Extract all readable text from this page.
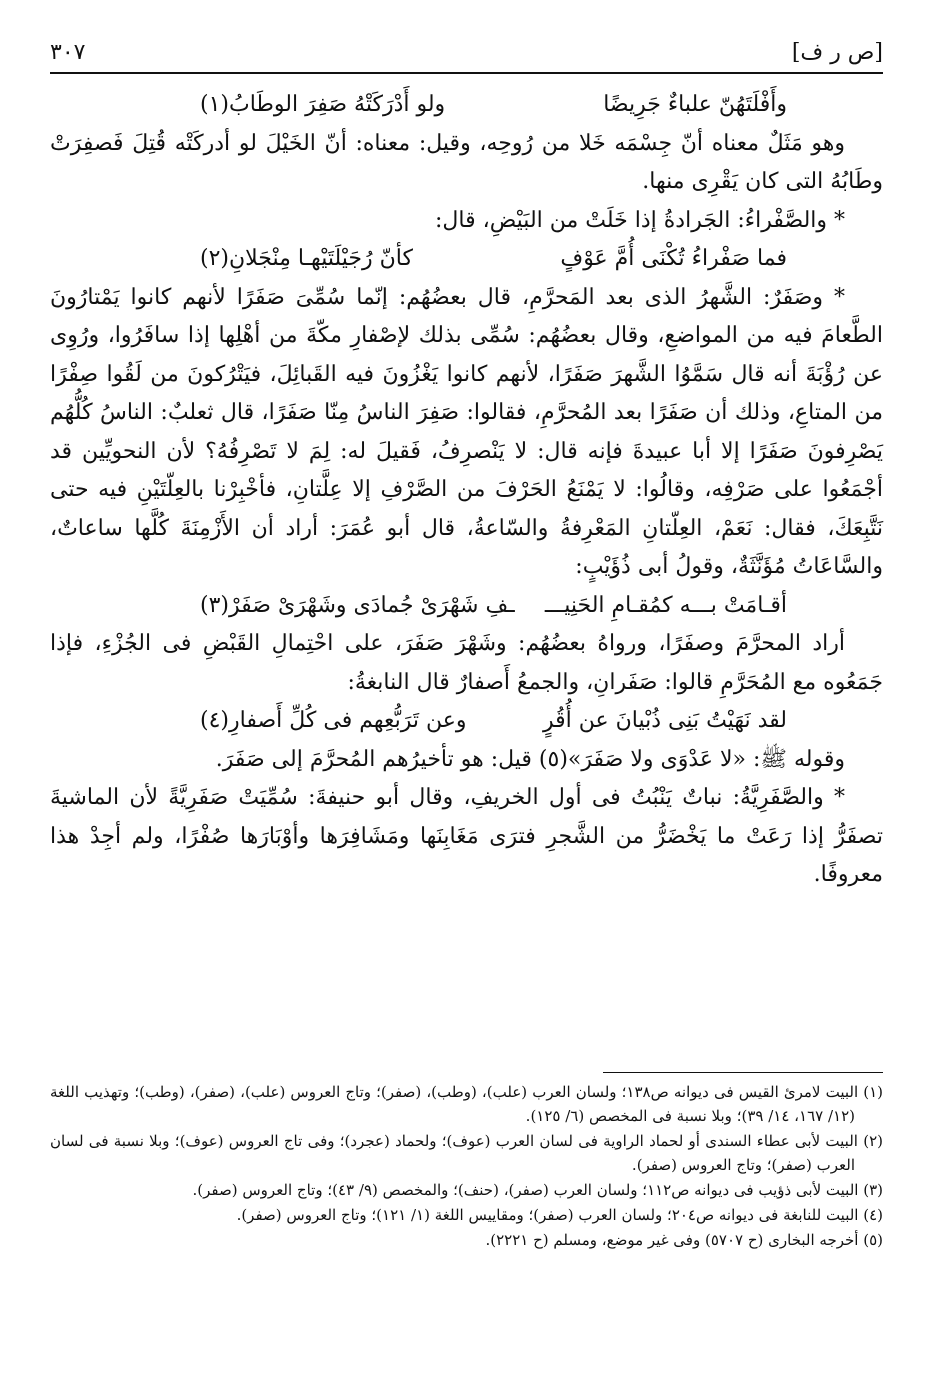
[ص ر ف]
٣٠٧

وأَفْلَتَهُنّ علباءٌ جَرِيضًا
ولو أَدْرَكَتْهُ صَفِرَ الوطَابُ(١)

وهو مَثَلٌ معناه أنّ جِسْمَه خَلا من رُوحِه، وقيل: معناه: أنّ الخَيْلَ لو أدركَتْه قُتِلَ فَصفِرَتْ وطَابُهُ التى كان يَقْرِى منها.

* والصَّفْراءُ: الجَرادةُ إذا خَلَتْ من البَيْضِ، قال:

فما صَفْراءُ تُكْنَى أُمَّ عَوْفٍ
كأنّ رُجَيْلَتَيْهـا مِنْجَلانِ(٢)

* وصَفَرٌ: الشَّهرُ الذى بعد المَحرَّمِ، قال بعضُهُم: إنّما سُمِّىَ صَفَرًا لأنهم كانوا يَمْتارُونَ الطَّعامَ فيه من المواضعِ، وقال بعضُهُم: سُمِّى بذلك لإصْفارِ مكّةَ من أهْلِها إذا سافَرُوا، ورُوِى عن رُؤْبَةَ أنه قال سَمَّوُا الشَّهرَ صَفَرًا، لأنهم كانوا يَغْزُونَ فيه القَبائِلَ، فيَتْرُكونَ من لَقُوا صِفْرًا من المتاعِ، وذلك أن صَفَرًا بعد المُحرَّمِ، فقالوا: صَفِرَ الناسُ مِنّا صَفَرًا، قال ثعلبٌ: الناسُ كُلُّهُم يَصْرِفونَ صَفَرًا إلا أبا عبيدةَ فإنه قال: لا يَنْصرِفُ، فَقيلَ له: لِمَ لا تَصْرِفُهُ؟ لأن النحويِّين قد أجْمَعُوا على صَرْفِه، وقالُوا: لا يَمْنَعُ الحَرْفَ من الصَّرْفِ إلا عِلَّتانِ، فأخْبِرْنا بالعِلّتَيْنِ فيه حتى نَتَّبِعَكَ، فقال: نَعَمْ، العِلّتانِ المَعْرِفةُ والسّاعةُ، قال أبو عُمَرَ: أراد أن الأَزْمِنَةَ كُلَّها ساعاتٌ، والسَّاعَاتُ مُؤَنَّثَةٌ، وقولُ أبى ذُؤَيْبٍ:

أقـامَتْ بـــه كمُقـامِ الحَنِيـــ
ـفِ شَهْرَىْ جُمادَى وشَهْرَىْ صَفَرْ(٣)

أراد المحرَّمَ وصفَرًا، ورواهُ بعضُهُم: وشَهْرَ صَفَرَ، على احْتِمالِ القَبْضِ فى الجُزْءِ، فإذا جَمَعُوه مع المُحَرَّمِ قالوا: صَفَرانِ، والجمعُ أَصفارٌ قال النابغةُ:

لقد نَهَيْتُ بَنِى ذُبْيانَ عن أُقُرٍ
وعن تَرَبُّعِهم فى كُلِّ أَصفارِ(٤)

وقوله ﷺ: «لا عَدْوَى ولا صَفَرَ»(٥) قيل: هو تأخيرُهم المُحرَّمَ إلى صَفَرَ.

* والصَّفَرِيَّةُ: نباتٌ يَنْبُتُ فى أول الخريفِ، وقال أبو حنيفةَ: سُمِّيَتْ صَفَرِيَّةً لأن الماشيةَ تصفَرُّ إذا رَعَتْ ما يَخْضَرُّ من الشَّجرِ فترَى مَغَابِنَها ومَشَافِرَها وأوْبَارَها صُفْرًا، ولم أجِدْ هذا معروفًا.

(١) البيت لامرئ القيس فى ديوانه ص١٣٨؛ ولسان العرب (علب)، (وطب)، (صفر)؛ وتاج العروس (علب)، (صفر)، (وطب)؛ وتهذيب اللغة (١٢/ ١٦٧، ١٤/ ٣٩)؛ وبلا نسبة فى المخصص (٦/ ١٢٥).

(٢) البيت لأبى عطاء السندى أو لحماد الراوية فى لسان العرب (عوف)؛ ولحماد (عجرد)؛ وفى تاج العروس (عوف)؛ وبلا نسبة فى لسان العرب (صفر)؛ وتاج العروس (صفر).

(٣) البيت لأبى ذؤيب فى ديوانه ص١١٢؛ ولسان العرب (صفر)، (حنف)؛ والمخصص (٩/ ٤٣)؛ وتاج العروس (صفر).

(٤) البيت للنابغة فى ديوانه ص٢٠٤؛ ولسان العرب (صفر)؛ ومقاييس اللغة (١/ ١٢١)؛ وتاج العروس (صفر).

(٥) أخرجه البخارى (ح ٥٧٠٧) وفى غير موضع، ومسلم (ح ٢٢٢١).
